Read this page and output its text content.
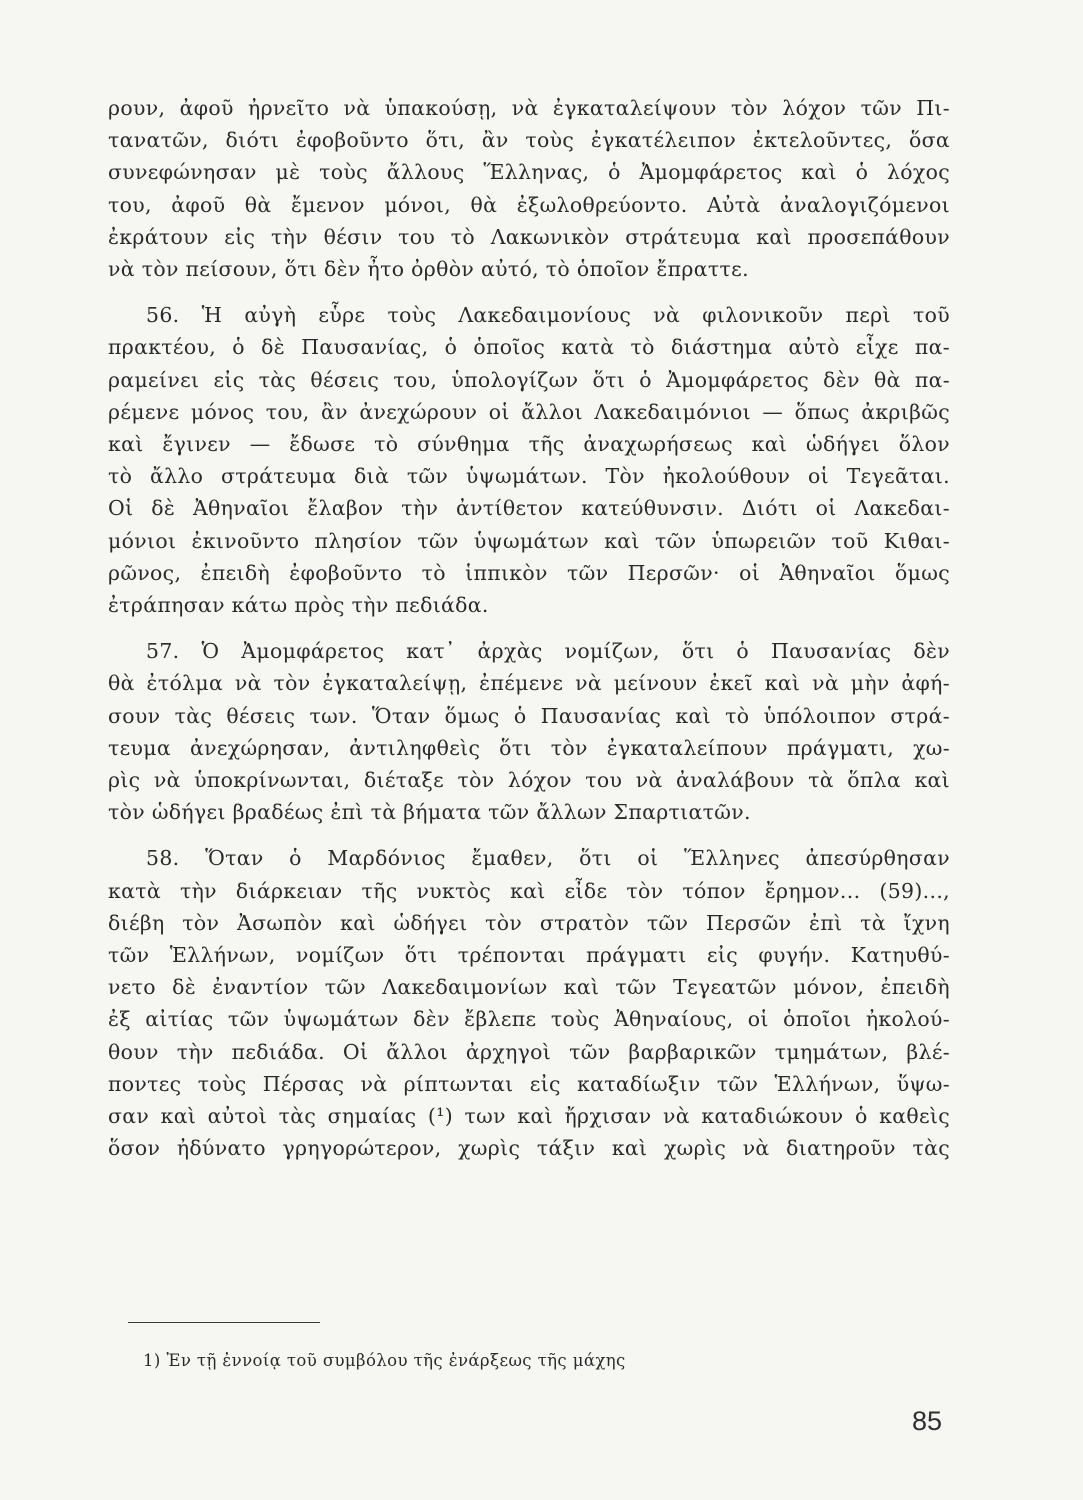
ρουν, ἀφοῦ ἠρνεῖτο νὰ ὑπακούσῃ, νὰ ἐγκαταλείψουν τὸν λόχον τῶν Πι-

τανατῶν, διότι ἐφοβοῦντο ὅτι, ἂν τοὺς ἐγκατέλειπον ἐκτελοῦντες, ὅσα

συνεφώνησαν μὲ τοὺς ἄλλους Ἕλληνας, ὁ Ἀμομφάρετος καὶ ὁ λόχος

του, ἀφοῦ θὰ ἔμενον μόνοι, θὰ ἐξωλοθρεύοντο. Αὐτὰ ἀναλογιζόμενοι

ἐκράτουν εἰς τὴν θέσιν του τὸ Λακωνικὸν στράτευμα καὶ προσεπάθουν

νὰ τὸν πείσουν, ὅτι δὲν ἦτο ὀρθὸν αὐτό, τὸ ὁποῖον ἔπραττε.

56. Ἡ αὐγὴ εὗρε τοὺς Λακεδαιμονίους νὰ φιλονικοῦν περὶ τοῦ

πρακτέου, ὁ δὲ Παυσανίας, ὁ ὁποῖος κατὰ τὸ διάστημα αὐτὸ εἶχε πα-

ραμείνει εἰς τὰς θέσεις του, ὑπολογίζων ὅτι ὁ Ἀμομφάρετος δὲν θὰ πα-

ρέμενε μόνος του, ἂν ἀνεχώρουν οἱ ἄλλοι Λακεδαιμόνιοι — ὅπως ἀκριβῶς

καὶ ἔγινεν — ἔδωσε τὸ σύνθημα τῆς ἀναχωρήσεως καὶ ὡδήγει ὅλον

τὸ ἄλλο στράτευμα διὰ τῶν ὑψωμάτων. Τὸν ἠκολούθουν οἱ Τεγεᾶται.

Οἱ δὲ Ἀθηναῖοι ἔλαβον τὴν ἀντίθετον κατεύθυνσιν. Διότι οἱ Λακεδαι-

μόνιοι ἐκινοῦντο πλησίον τῶν ὑψωμάτων καὶ τῶν ὑπωρειῶν τοῦ Κιθαι-

ρῶνος, ἐπειδὴ ἐφοβοῦντο τὸ ἱππικὸν τῶν Περσῶν· οἱ Ἀθηναῖοι ὅμως

ἐτράπησαν κάτω πρὸς τὴν πεδιάδα.

57. Ὁ Ἀμομφάρετος κατ᾽ ἀρχὰς νομίζων, ὅτι ὁ Παυσανίας δὲν

θὰ ἐτόλμα νὰ τὸν ἐγκαταλείψῃ, ἐπέμενε νὰ μείνουν ἐκεῖ καὶ νὰ μὴν ἀφή-

σουν τὰς θέσεις των. Ὅταν ὅμως ὁ Παυσανίας καὶ τὸ ὑπόλοιπον στρά-

τευμα ἀνεχώρησαν, ἀντιληφθεὶς ὅτι τὸν ἐγκαταλείπουν πράγματι, χω-

ρὶς νὰ ὑποκρίνωνται, διέταξε τὸν λόχον του νὰ ἀναλάβουν τὰ ὅπλα καὶ

τὸν ὡδήγει βραδέως ἐπὶ τὰ βήματα τῶν ἄλλων Σπαρτιατῶν.

58. Ὅταν ὁ Μαρδόνιος ἔμαθεν, ὅτι οἱ Ἕλληνες ἀπεσύρθησαν

κατὰ τὴν διάρκειαν τῆς νυκτὸς καὶ εἶδε τὸν τόπον ἔρημον... (59)...,

διέβη τὸν Ἀσωπὸν καὶ ὡδήγει τὸν στρατὸν τῶν Περσῶν ἐπὶ τὰ ἴχνη

τῶν Ἑλλήνων, νομίζων ὅτι τρέπονται πράγματι εἰς φυγήν. Κατηυθύ-

νετο δὲ ἐναντίον τῶν Λακεδαιμονίων καὶ τῶν Τεγεατῶν μόνον, ἐπειδὴ

ἐξ αἰτίας τῶν ὑψωμάτων δὲν ἔβλεπε τοὺς Ἀθηναίους, οἱ ὁποῖοι ἠκολού-

θουν τὴν πεδιάδα. Οἱ ἄλλοι ἀρχηγοὶ τῶν βαρβαρικῶν τμημάτων, βλέ-

ποντες τοὺς Πέρσας νὰ ρίπτωνται εἰς καταδίωξιν τῶν Ἑλλήνων, ὕψω-

σαν καὶ αὐτοὶ τὰς σημαίας (¹) των καὶ ἤρχισαν νὰ καταδιώκουν ὁ καθεὶς

ὅσον ἠδύνατο γρηγορώτερον, χωρὶς τάξιν καὶ χωρὶς νὰ διατηροῦν τὰς

1) Ἐν τῇ ἐννοίᾳ τοῦ συμβόλου τῆς ἐνάρξεως τῆς μάχης
85
